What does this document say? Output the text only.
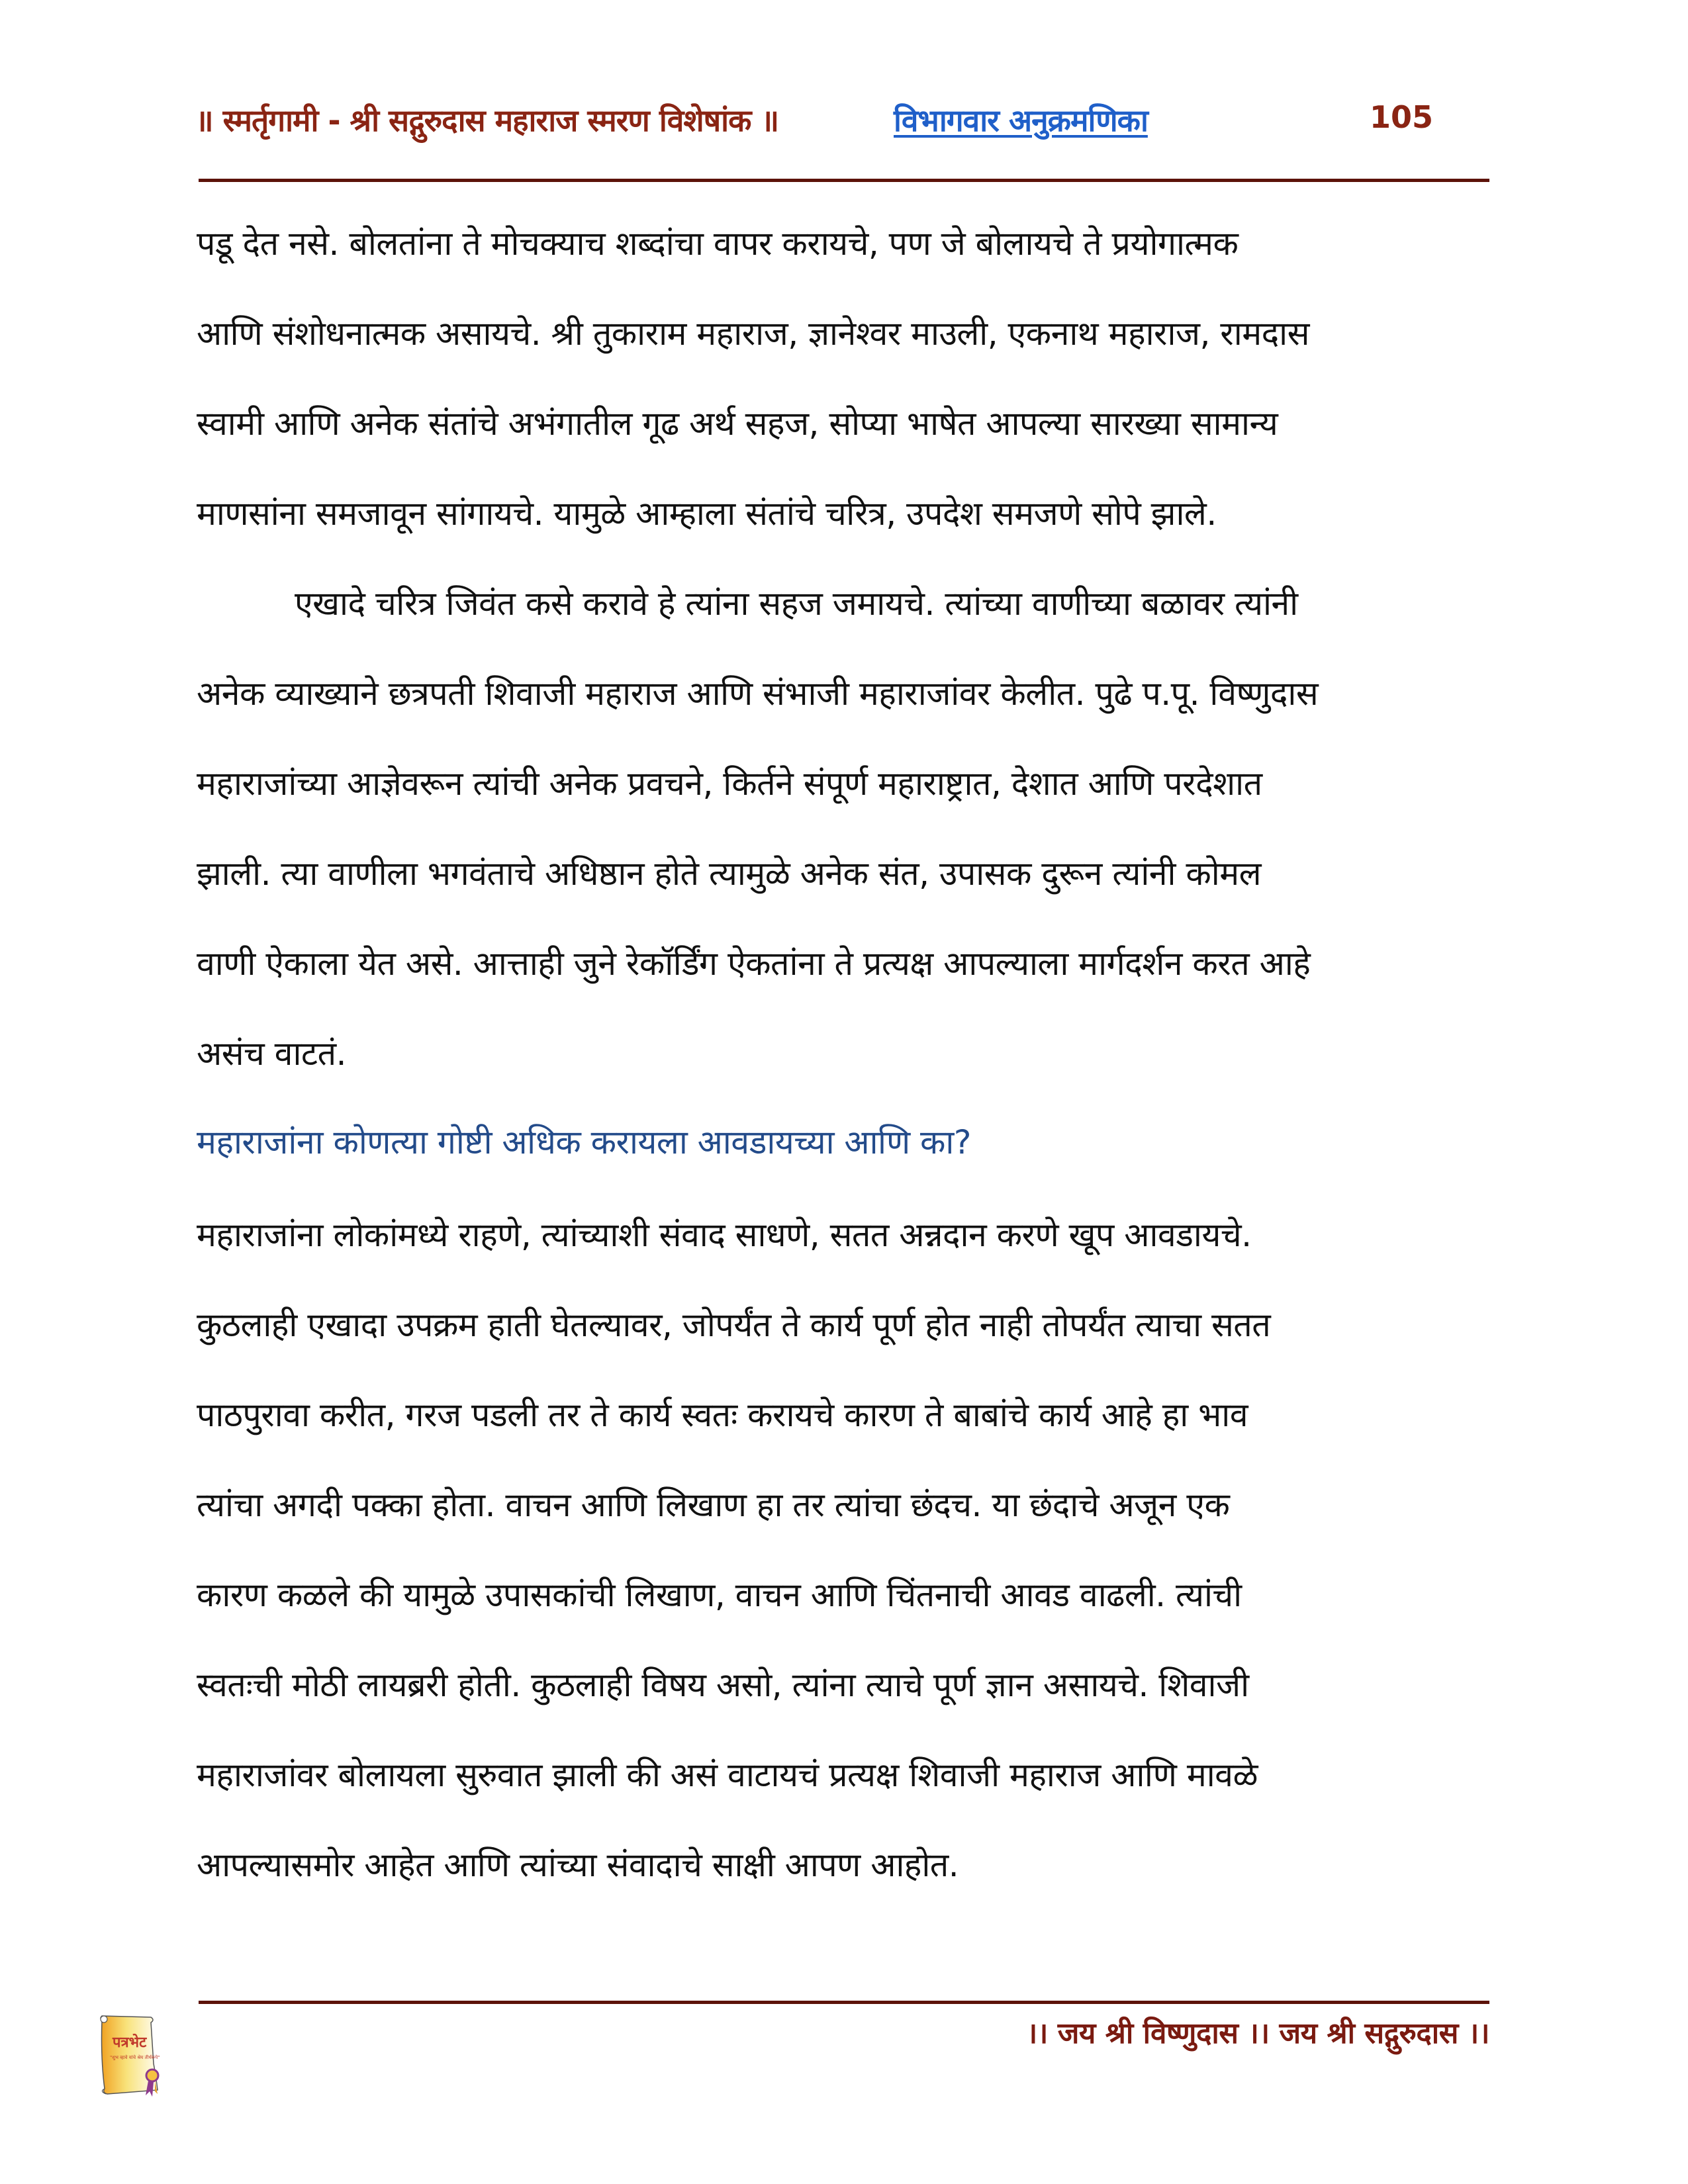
॥ स्मर्तृगामी - श्री सद्गुरुदास महाराज स्मरण विशेषांक ॥	विभागवार अनुक्रमणिका	105
पडू देत नसे. बोलतांना ते मोचक्याच शब्दांचा वापर करायचे, पण जे बोलायचे ते प्रयोगात्मक
आणि संशोधनात्मक असायचे. श्री तुकाराम महाराज, ज्ञानेश्वर माउली, एकनाथ महाराज, रामदास
स्वामी आणि अनेक संतांचे अभंगातील गूढ अर्थ सहज, सोप्या भाषेत आपल्या सारख्या सामान्य
माणसांना समजावून सांगायचे. यामुळे आम्हाला संतांचे चरित्र, उपदेश समजणे सोपे झाले.
एखादे चरित्र जिवंत कसे करावे हे त्यांना सहज जमायचे. त्यांच्या वाणीच्या बळावर त्यांनी
अनेक व्याख्याने छत्रपती शिवाजी महाराज आणि संभाजी महाराजांवर केलीत. पुढे प.पू. विष्णुदास
महाराजांच्या आज्ञेवरून त्यांची अनेक प्रवचने, किर्तने संपूर्ण महाराष्ट्रात, देशात आणि परदेशात
झाली. त्या वाणीला भगवंताचे अधिष्ठान होते त्यामुळे अनेक संत, उपासक दुरून त्यांनी कोमल
वाणी ऐकाला येत असे. आत्ताही जुने रेकॉर्डिंग ऐकतांना ते प्रत्यक्ष आपल्याला मार्गदर्शन करत आहे
असंच वाटतं.
महाराजांना कोणत्या गोष्टी अधिक करायला आवडायच्या आणि का?
महाराजांना लोकांमध्ये राहणे, त्यांच्याशी संवाद साधणे, सतत अन्नदान करणे खूप आवडायचे.
कुठलाही एखादा उपक्रम हाती घेतल्यावर, जोपर्यंत ते कार्य पूर्ण होत नाही तोपर्यंत त्याचा सतत
पाठपुरावा करीत, गरज पडली तर ते कार्य स्वतः करायचे कारण ते बाबांचे कार्य आहे हा भाव
त्यांचा अगदी पक्का होता. वाचन आणि लिखाण हा तर त्यांचा छंदच. या छंदाचे अजून एक
कारण कळले की यामुळे उपासकांची लिखाण, वाचन आणि चिंतनाची आवड वाढली. त्यांची
स्वतःची मोठी लायब्ररी होती. कुठलाही विषय असो, त्यांना त्याचे पूर्ण ज्ञान असायचे. शिवाजी
महाराजांवर बोलायला सुरुवात झाली की असं वाटायचं प्रत्यक्ष शिवाजी महाराज आणि मावळे
आपल्यासमोर आहेत आणि त्यांच्या संवादाचे साक्षी आपण आहोत.
।। जय श्री विष्णुदास ।। जय श्री सद्गुरुदास ।।
पत्रभेट
"शुभ व्हावे यांचे श्रेय तीर्थरूपे"
